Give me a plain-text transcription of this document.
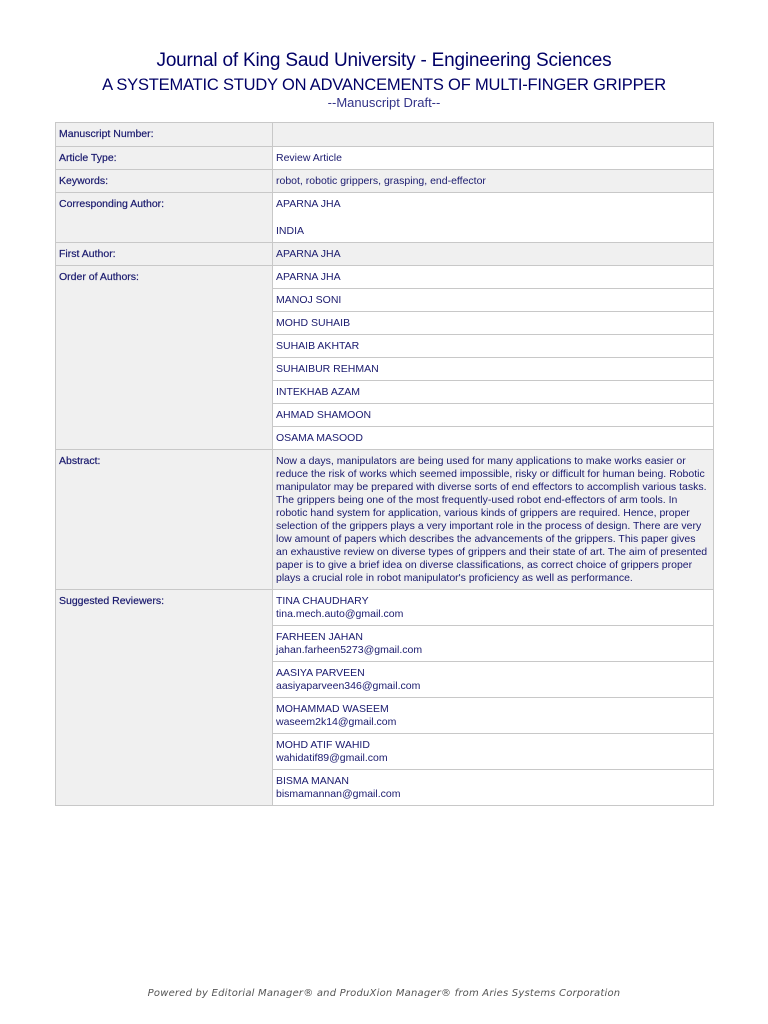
Journal of King Saud University - Engineering Sciences
A SYSTEMATIC STUDY ON ADVANCEMENTS OF MULTI-FINGER GRIPPER
--Manuscript Draft--
Manuscript Number:	
Article Type:	Review Article
Keywords:	robot, robotic grippers, grasping, end-effector
Corresponding Author:	APARNA JHA
INDIA

First Author:	APARNA JHA
Order of Authors:	APARNA JHA
	MANOJ SONI
	MOHD SUHAIB
	SUHAIB AKHTAR
	SUHAIBUR REHMAN
	INTEKHAB AZAM
	AHMAD SHAMOON
	OSAMA MASOOD
Abstract:	Now a days, manipulators are being used for many applications to make works easier or reduce the risk of works which seemed impossible, risky or difficult for human being. Robotic manipulator may be prepared with diverse sorts of end effectors to accomplish various tasks. The grippers being one of the most frequently-used robot end-effectors of arm tools. In robotic hand system for application, various kinds of grippers are required. Hence, proper selection of the grippers plays a very important role in the process of design. There are very low amount of papers which describes the advancements of the grippers. This paper gives an exhaustive review on diverse types of grippers and their state of art. The aim of presented paper is to give a brief idea on diverse classifications, as correct choice of grippers proper plays a crucial role in robot manipulator's proficiency as well as performance.
Suggested Reviewers:	TINA CHAUDHARY
tina.mech.auto@gmail.com

	FARHEEN JAHAN
jahan.farheen5273@gmail.com

	AASIYA PARVEEN
aasiyaparveen346@gmail.com

	MOHAMMAD WASEEM
waseem2k14@gmail.com

	MOHD ATIF WAHID
wahidatif89@gmail.com

	BISMA MANAN
bismamannan@gmail.com
Powered by Editorial Manager® and ProduXion Manager® from Aries Systems Corporation
